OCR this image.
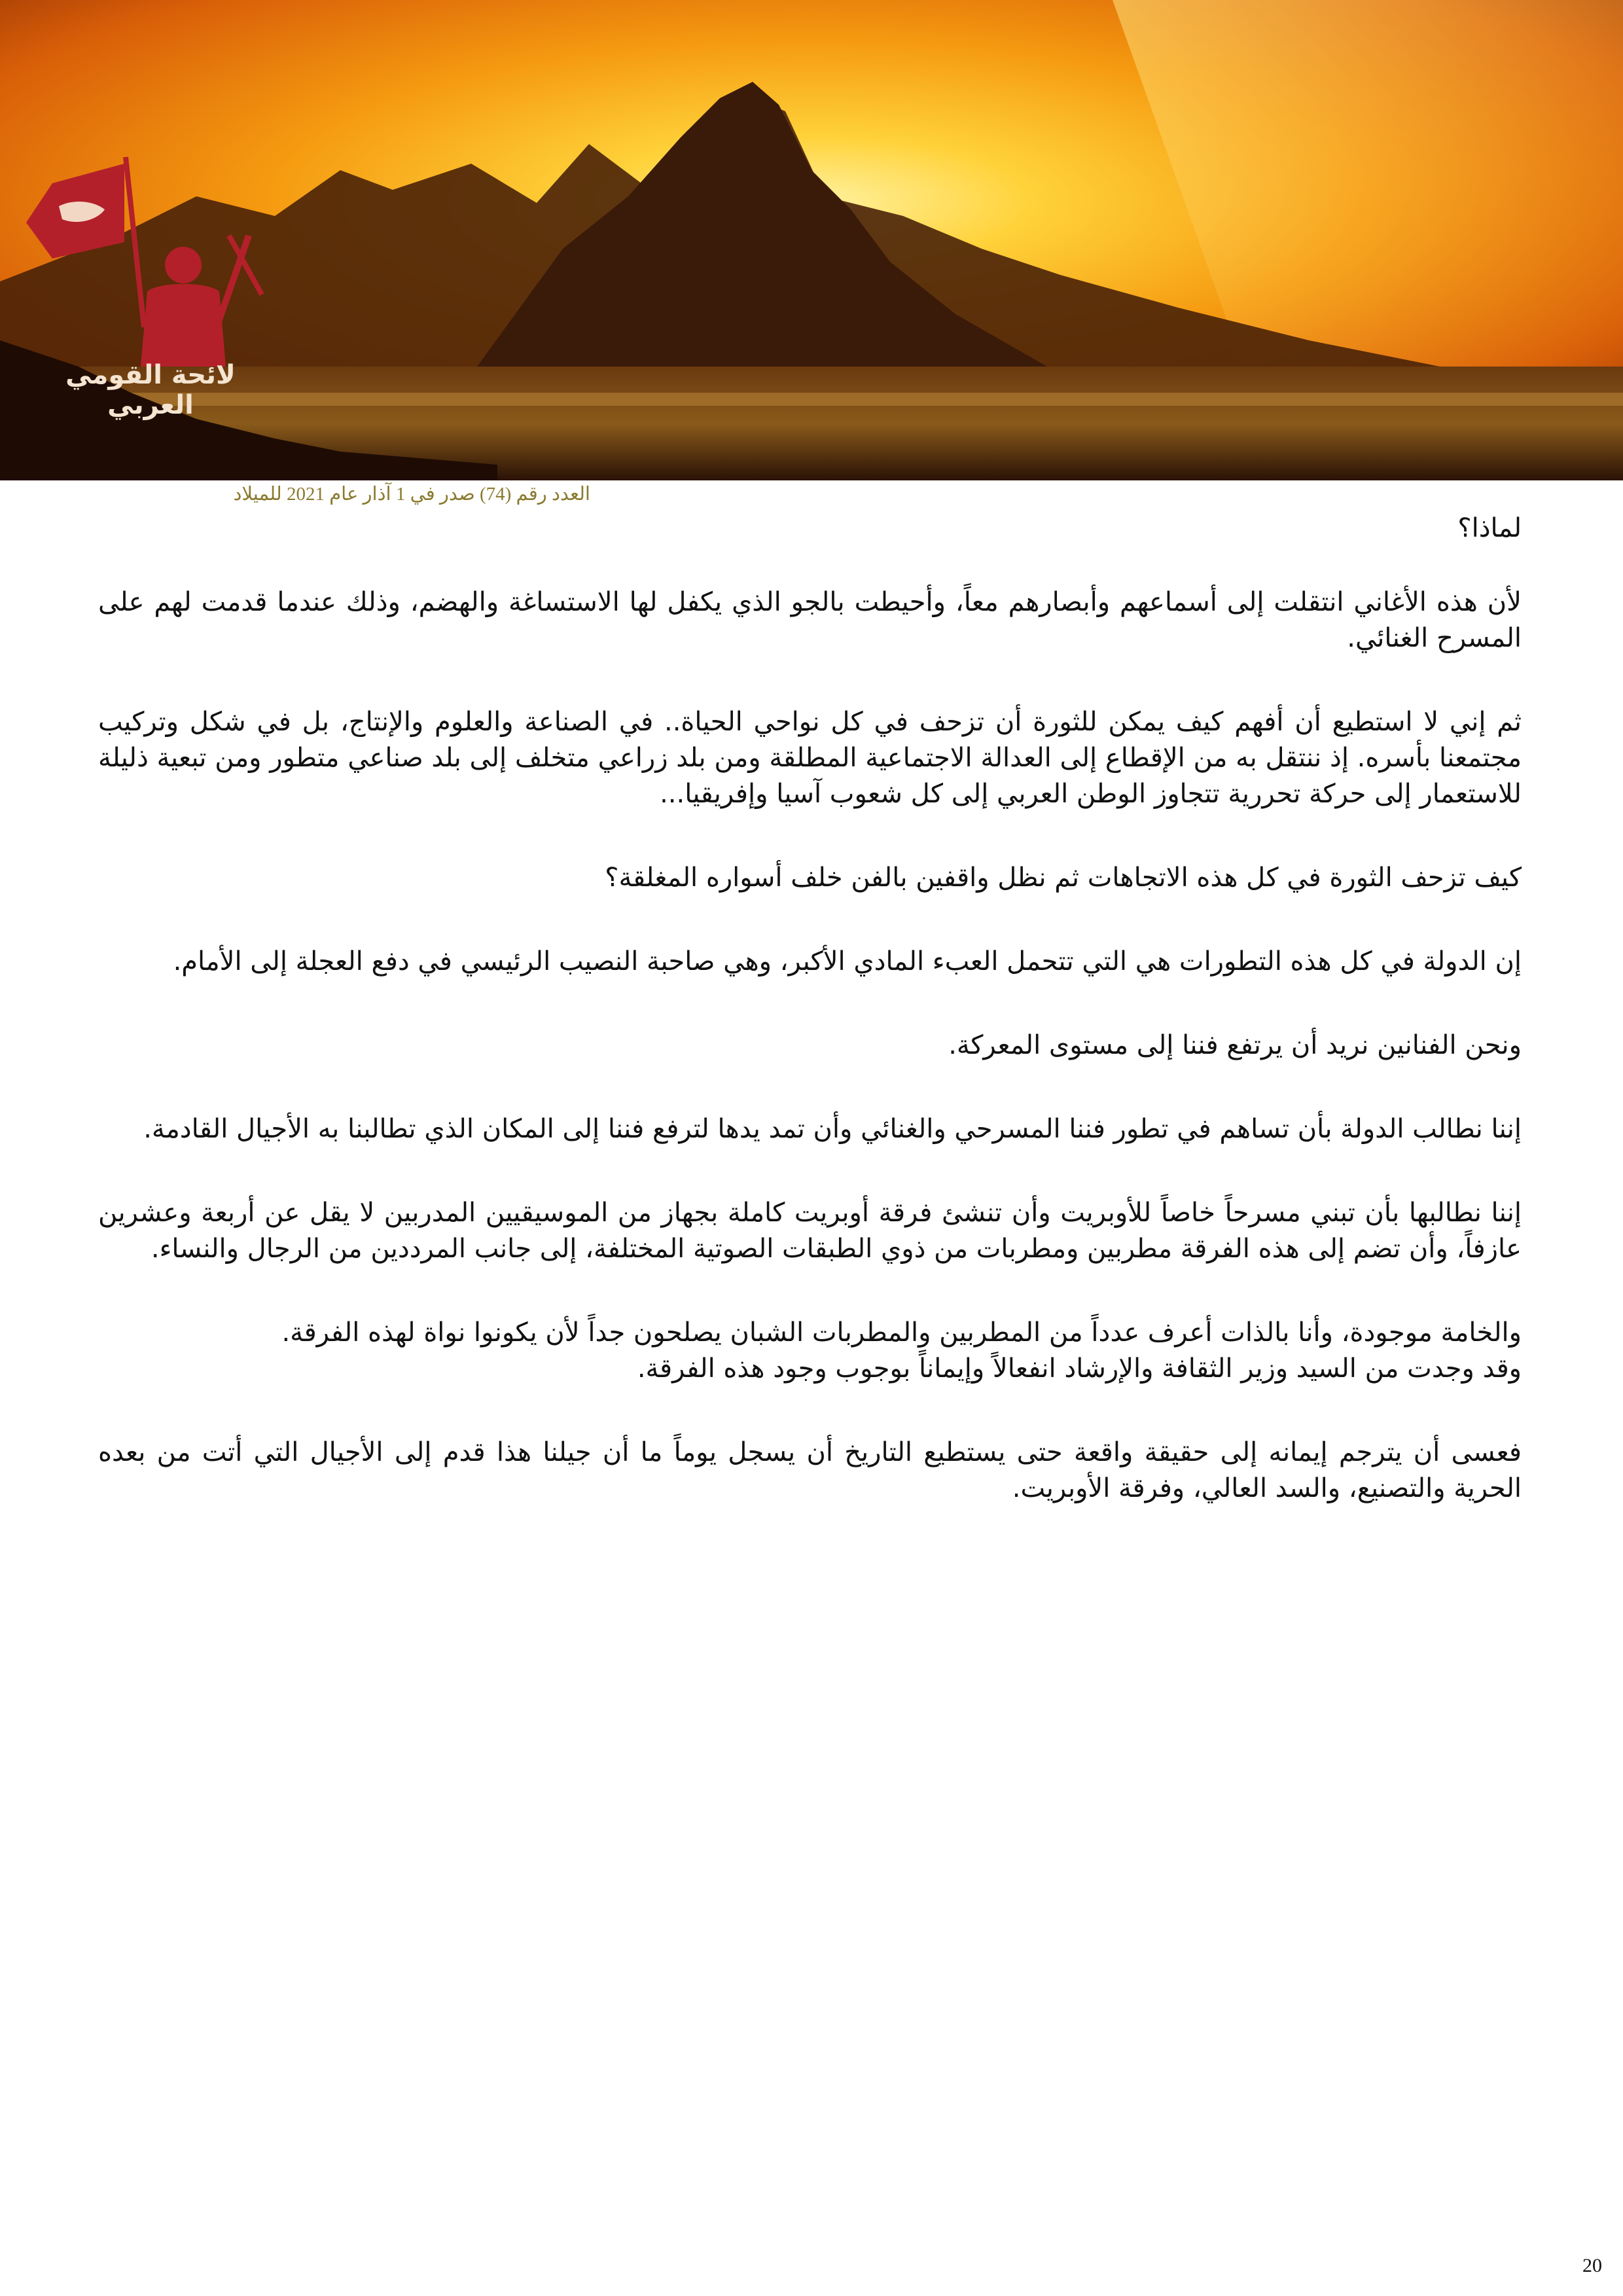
لائحة القومي العربي
العدد رقم (74) صدر في 1 آذار عام 2021 للميلاد

لماذا؟

لأن هذه الأغاني انتقلت إلى أسماعهم وأبصارهم معاً، وأحيطت بالجو الذي يكفل لها الاستساغة والهضم، وذلك عندما قدمت لهم على المسرح الغنائي.

ثم إني لا استطيع أن أفهم كيف يمكن للثورة أن تزحف في كل نواحي الحياة.. في الصناعة والعلوم والإنتاج، بل في شكل وتركيب مجتمعنا بأسره. إذ ننتقل به من الإقطاع إلى العدالة الاجتماعية المطلقة ومن بلد زراعي متخلف إلى بلد صناعي متطور ومن تبعية ذليلة للاستعمار إلى حركة تحررية تتجاوز الوطن العربي إلى كل شعوب آسيا وإفريقيا...

كيف تزحف الثورة في كل هذه الاتجاهات ثم نظل واقفين بالفن خلف أسواره المغلقة؟

إن الدولة في كل هذه التطورات هي التي تتحمل العبء المادي الأكبر، وهي صاحبة النصيب الرئيسي في دفع العجلة إلى الأمام.

ونحن الفنانين نريد أن يرتفع فننا إلى مستوى المعركة.

إننا نطالب الدولة بأن تساهم في تطور فننا المسرحي والغنائي وأن تمد يدها لترفع فننا إلى المكان الذي تطالبنا به الأجيال القادمة.

إننا نطالبها بأن تبني مسرحاً خاصاً للأوبريت وأن تنشئ فرقة أوبريت كاملة بجهاز من الموسيقيين المدربين لا يقل عن أربعة وعشرين عازفاً، وأن تضم إلى هذه الفرقة مطربين ومطربات من ذوي الطبقات الصوتية المختلفة، إلى جانب المرددين من الرجال والنساء.

والخامة موجودة، وأنا بالذات أعرف عدداً من المطربين والمطربات الشبان يصلحون جداً لأن يكونوا نواة لهذه الفرقة.

وقد وجدت من السيد وزير الثقافة والإرشاد انفعالاً وإيماناً بوجوب وجود هذه الفرقة.

فعسى أن يترجم إيمانه إلى حقيقة واقعة حتى يستطيع التاريخ أن يسجل يوماً ما أن جيلنا هذا قدم إلى الأجيال التي أتت من بعده الحرية والتصنيع، والسد العالي، وفرقة الأوبريت.

20
